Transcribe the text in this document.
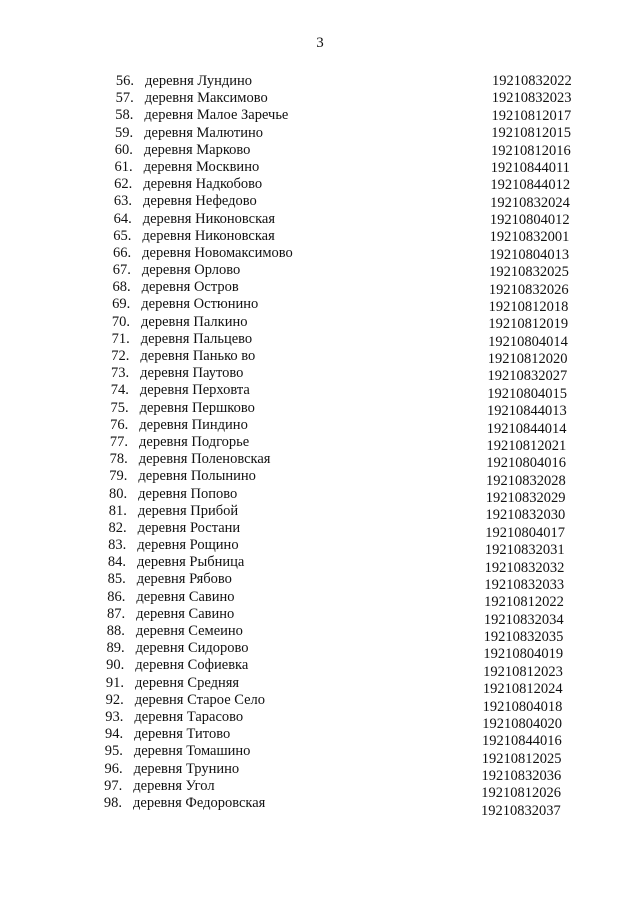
3
56. деревня Лундино	19210832022
57. деревня Максимово	19210832023
58. деревня Малое Заречье	19210812017
59. деревня Малютино	19210812015
60. деревня Марково	19210812016
61. деревня Москвино	19210844011
62. деревня Надкобово	19210844012
63. деревня Нефедово	19210832024
64. деревня Никоновская	19210804012
65. деревня Никоновская	19210832001
66. деревня Новомаксимово	19210804013
67. деревня Орлово	19210832025
68. деревня Остров	19210832026
69. деревня Остюнино	19210812018
70. деревня Палкино	19210812019
71. деревня Пальцево	19210804014
72. деревня Панько во	19210812020
73. деревня Паутово	19210832027
74. деревня Перховта	19210804015
75. деревня Першково	19210844013
76. деревня Пиндино	19210844014
77. деревня Подгорье	19210812021
78. деревня Поленовская	19210804016
79. деревня Полынино	19210832028
80. деревня Попово	19210832029
81. деревня Прибой	19210832030
82. деревня Ростани	19210804017
83. деревня Рощино	19210832031
84. деревня Рыбница	19210832032
85. деревня Рябово	19210832033
86. деревня Савино	19210812022
87. деревня Савино	19210832034
88. деревня Семеино	19210832035
89. деревня Сидорово	19210804019
90. деревня Софиевка	19210812023
91. деревня Средняя	19210812024
92. деревня Старое Село	19210804018
93. деревня Тарасово	19210804020
94. деревня Титово	19210844016
95. деревня Томашино	19210812025
96. деревня Трунино	19210832036
97. деревня Угол	19210812026
98. деревня Федоровская	19210832037
